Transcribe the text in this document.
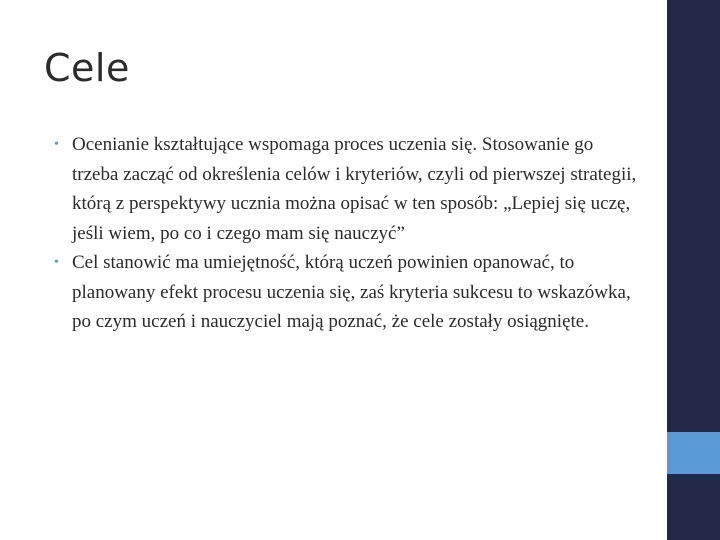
Cele
• Ocenianie kształtujące wspomaga proces uczenia się. Stosowanie go trzeba zacząć od określenia celów i kryteriów, czyli od pierwszej strategii, którą z perspektywy ucznia można opisać w ten sposób: „Lepiej się uczę, jeśli wiem, po co i czego mam się nauczyć”
• Cel stanowić ma umiejętność, którą uczeń powinien opanować, to planowany efekt procesu uczenia się, zaś kryteria sukcesu to wskazówka, po czym uczeń i nauczyciel mają poznać, że cele zostały osiągnięte.
